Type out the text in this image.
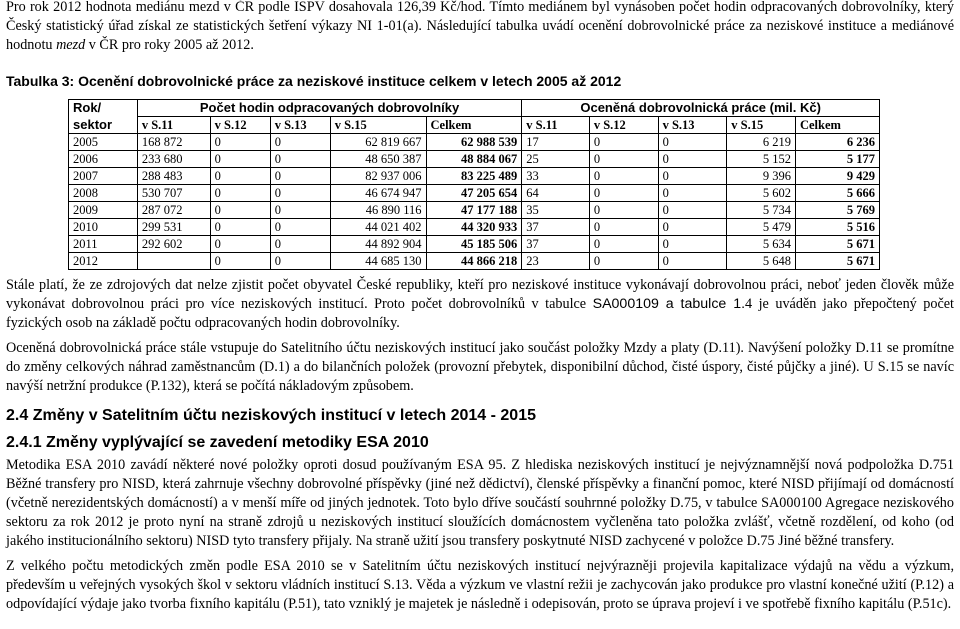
Pro rok 2012 hodnota mediánu mezd v ČR podle ISPV dosahovala 126,39 Kč/hod. Tímto mediánem byl vynásoben počet hodin odpracovaných dobrovolníky, který Český statistický úřad získal ze statistických šetření výkazy NI 1-01(a). Následující tabulka uvádí ocenění dobrovolnické práce za neziskové instituce a mediánové hodnotu mezd v ČR pro roky 2005 až 2012.

Tabulka 3: Ocenění dobrovolnické práce za neziskové instituce celkem v letech 2005 až 2012
Rok/	Počet hodin odpracovaných dobrovolníky					Oceněná dobrovolnická práce (mil. Kč)				
sektor	v S.11	v S.12	v S.13	v S.15	Celkem	v S.11	v S.12	v S.13	v S.15	Celkem
2005	168 872	0	0	62 819 667	62 988 539	17	0	0	6 219	6 236
2006	233 680	0	0	48 650 387	48 884 067	25	0	0	5 152	5 177
2007	288 483	0	0	82 937 006	83 225 489	33	0	0	9 396	9 429
2008	530 707	0	0	46 674 947	47 205 654	64	0	0	5 602	5 666
2009	287 072	0	0	46 890 116	47 177 188	35	0	0	5 734	5 769
2010	299 531	0	0	44 021 402	44 320 933	37	0	0	5 479	5 516
2011	292 602	0	0	44 892 904	45 185 506	37	0	0	5 634	5 671
2012		0	0	44 685 130	44 866 218	23	0	0	5 648	5 671

Stále platí, že ze zdrojových dat nelze zjistit počet obyvatel České republiky, kteří pro neziskové instituce vykonávají dobrovolnou práci, neboť jeden člověk může vykonávat dobrovolnou práci pro více neziskových institucí. Proto počet dobrovolníků v tabulce SA000109 a tabulce 1.4 je uváděn jako přepočtený počet fyzických osob na základě počtu odpracovaných hodin dobrovolníky.

Oceněná dobrovolnická práce stále vstupuje do Satelitního účtu neziskových institucí jako součást položky Mzdy a platy (D.11). Navýšení položky D.11 se promítne do změny celkových náhrad zaměstnancům (D.1) a do bilančních položek (provozní přebytek, disponibilní důchod, čisté úspory, čisté půjčky a jiné). U S.15 se navíc navýší netržní produkce (P.132), která se počítá nákladovým způsobem.

2.4 Změny v Satelitním účtu neziskových institucí v letech 2014 - 2015
2.4.1 Změny vyplývající se zavedení metodiky ESA 2010

Metodika ESA 2010 zavádí některé nové položky oproti dosud používaným ESA 95. Z hlediska neziskových institucí je nejvýznamnější nová podpoložka D.751 Běžné transfery pro NISD, která zahrnuje všechny dobrovolné příspěvky (jiné než dědictví), členské příspěvky a finanční pomoc, které NISD přijímají od domácností (včetně nerezidentských domácností) a v menší míře od jiných jednotek. Toto bylo dříve součástí souhrnné položky D.75, v tabulce SA000100 Agregace neziskového sektoru za rok 2012 je proto nyní na straně zdrojů u neziskových institucí sloužících domácnostem vyčleněna tato položka zvlášť, včetně rozdělení, od koho (od jakého institucionálního sektoru) NISD tyto transfery přijaly. Na straně užití jsou transfery poskytnuté NISD zachycené v položce D.75 Jiné běžné transfery.

Z velkého počtu metodických změn podle ESA 2010 se v Satelitním účtu neziskových institucí nejvýrazněji projevila kapitalizace výdajů na vědu a výzkum, především u veřejných vysokých škol v sektoru vládních institucí S.13. Věda a výzkum ve vlastní režii je zachycován jako produkce pro vlastní konečné užití (P.12) a odpovídající výdaje jako tvorba fixního kapitálu (P.51), tato vzniklý je majetek je následně i odepisován, proto se úprava projeví i ve spotřebě fixního kapitálu (P.51c).
